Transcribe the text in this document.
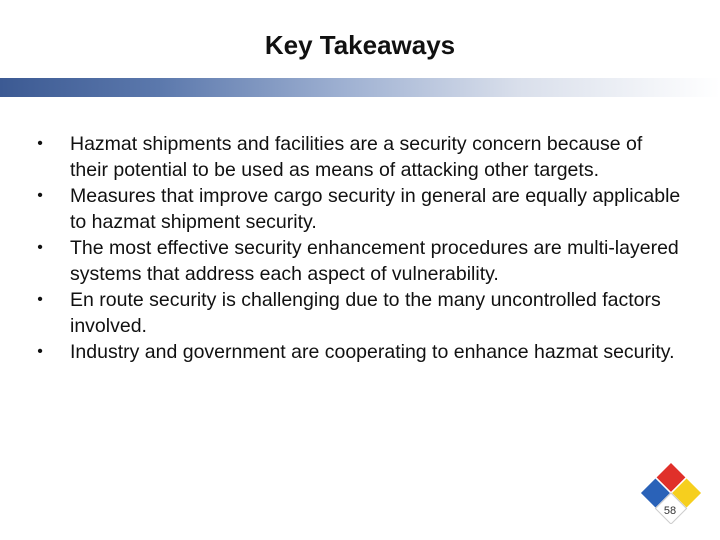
Key Takeaways
• Hazmat shipments and facilities are a security concern because of their potential to be used as means of attacking other targets.
• Measures that improve cargo security in general are equally applicable to hazmat shipment security.
• The most effective security enhancement procedures are multi-layered systems that address each aspect of vulnerability.
• En route security is challenging due to the many uncontrolled factors involved.
• Industry and government are cooperating to enhance hazmat security.
58
